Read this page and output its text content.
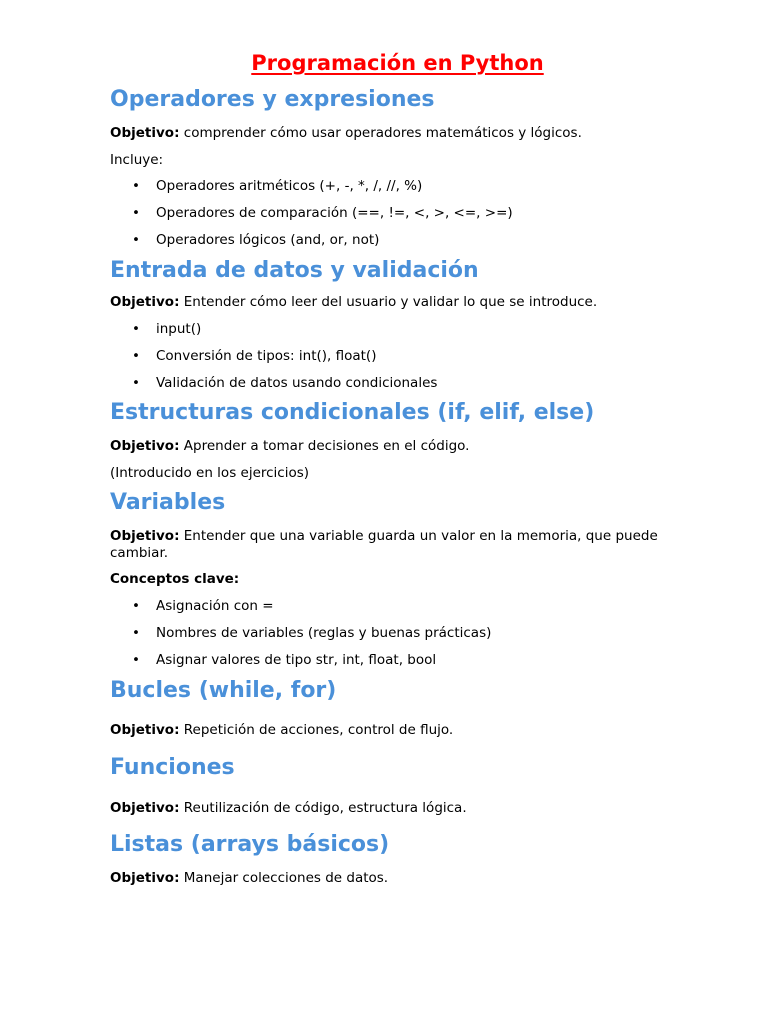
Programación en Python
Operadores y expresiones

Objetivo: comprender cómo usar operadores matemáticos y lógicos.

Incluye:

• Operadores aritméticos (+, -, *, /, //, %)

• Operadores de comparación (==, !=, <, >, <=, >=)

• Operadores lógicos (and, or, not)

Entrada de datos y validación

Objetivo: Entender cómo leer del usuario y validar lo que se introduce.

• input()

• Conversión de tipos: int(), float()

• Validación de datos usando condicionales

Estructuras condicionales (if, elif, else)

Objetivo: Aprender a tomar decisiones en el código.

(Introducido en los ejercicios)

Variables

Objetivo: Entender que una variable guarda un valor en la memoria, que puede cambiar.

Conceptos clave:

• Asignación con =

• Nombres de variables (reglas y buenas prácticas)

• Asignar valores de tipo str, int, float, bool

Bucles (while, for)

Objetivo: Repetición de acciones, control de flujo.

Funciones

Objetivo: Reutilización de código, estructura lógica.

Listas (arrays básicos)

Objetivo: Manejar colecciones de datos.
